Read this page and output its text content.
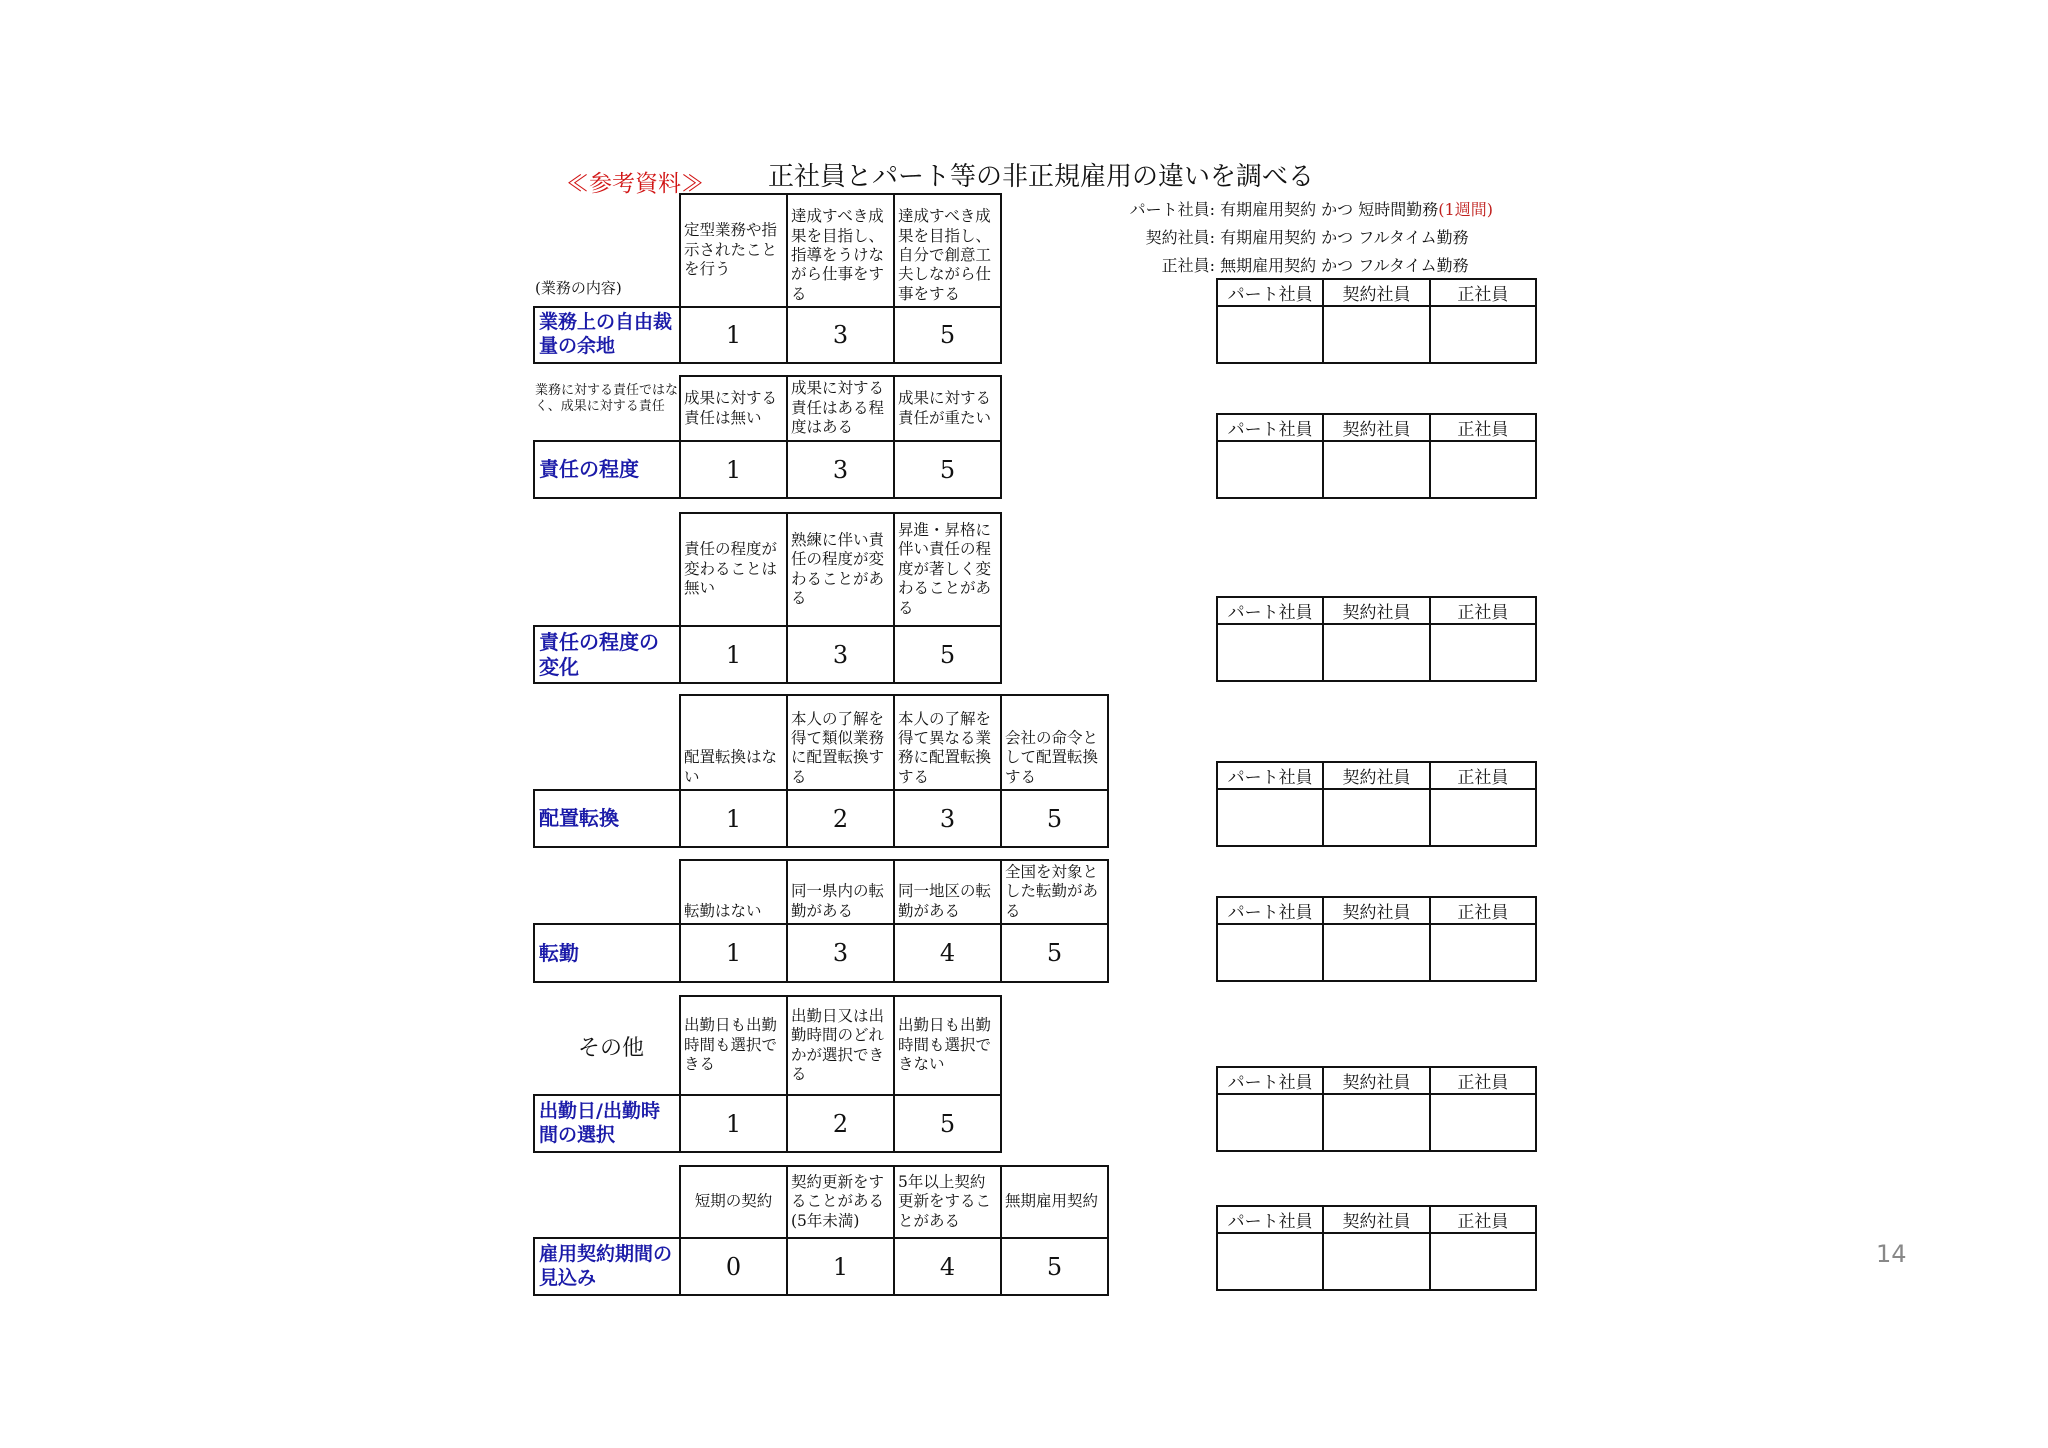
≪参考資料≫ 正社員とパート等の非正規雇用の違いを調べる
パート社員: 有期雇用契約 かつ 短時間勤務(1週間)
契約社員: 有期雇用契約 かつ フルタイム勤務
正社員: 無期雇用契約 かつ フルタイム勤務
(業務の内容)
	定型業務や指示されたことを行う	達成すべき成果を目指し、指導をうけながら仕事をする	達成すべき成果を目指し、自分で創意工夫しながら仕事をする
業務上の自由裁量の余地	1	3	5
業務に対する責任ではなく、成果に対する責任
		成果に対する責任は無い	成果に対する責任はある程度はある	成果に対する責任が重たい
責任の程度	1	3	5
	責任の程度が変わることは無い	熟練に伴い責任の程度が変わることがある	昇進・昇格に伴い責任の程度が著しく変わることがある
責任の程度の変化	1	3	5
	配置転換はない	本人の了解を得て類似業務に配置転換する	本人の了解を得て異なる業務に配置転換する	会社の命令として配置転換する
配置転換	1	2	3	5
	転勤はない	同一県内の転勤がある	同一地区の転勤がある	全国を対象とした転勤がある
転勤	1	3	4	5
その他
	出勤日も出勤時間も選択できる	出勤日又は出勤時間のどれかが選択できる	出勤日も出勤時間も選択できない
出勤日/出勤時間の選択	1	2	5
	短期の契約	契約更新をすることがある(5年未満)	5年以上契約更新をすることがある	無期雇用契約
雇用契約期間の見込み	0	1	4	5
パート社員	契約社員	正社員

パート社員	契約社員	正社員

パート社員	契約社員	正社員

パート社員	契約社員	正社員

パート社員	契約社員	正社員

パート社員	契約社員	正社員

パート社員	契約社員	正社員

14
